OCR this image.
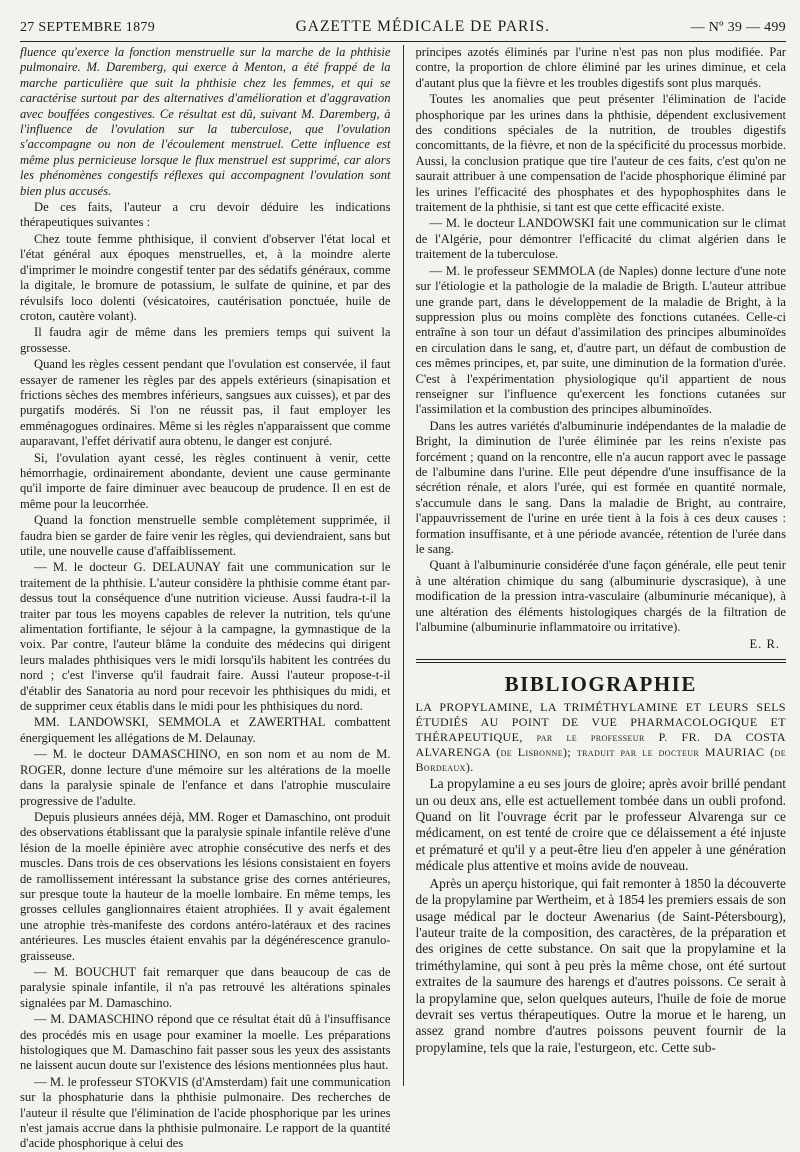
27 SEPTEMBRE 1879	GAZETTE MÉDICALE DE PARIS.	— Nº 39 — 499

fluence qu'exerce la fonction menstruelle sur la marche de la phthisie pulmonaire. M. Daremberg, qui exerce à Menton, a été frappé de la marche particulière que suit la phthisie chez les femmes, et qui se caractérise surtout par des alternatives d'amélioration et d'aggravation avec bouffées congestives. Ce résultat est dû, suivant M. Daremberg, à l'influence de l'ovulation sur la tuberculose, que l'ovulation s'accompagne ou non de l'écoulement menstruel. Cette influence est même plus pernicieuse lorsque le flux menstruel est supprimé, car alors les phénomènes congestifs réflexes qui accompagnent l'ovulation sont bien plus accusés.

De ces faits, l'auteur a cru devoir déduire les indications thérapeutiques suivantes :

Chez toute femme phthisique, il convient d'observer l'état local et l'état général aux époques menstruelles, et, à la moindre alerte d'imprimer le moindre congestif tenter par des sédatifs généraux, comme la digitale, le bromure de potassium, le sulfate de quinine, et par des révulsifs loco dolenti (vésicatoires, cautérisation ponctuée, huile de croton, cautère volant).

Il faudra agir de même dans les premiers temps qui suivent la grossesse.

Quand les règles cessent pendant que l'ovulation est conservée, il faut essayer de ramener les règles par des appels extérieurs (sinapisation et frictions sèches des membres inférieurs, sangsues aux cuisses), et par des purgatifs modérés. Si l'on ne réussit pas, il faut employer les emménagogues ordinaires. Même si les règles n'apparaissent que comme auparavant, l'effet dérivatif aura obtenu, le danger est conjuré.

Si, l'ovulation ayant cessé, les règles continuent à venir, cette hémorrhagie, ordinairement abondante, devient une cause germinante qu'il importe de faire diminuer avec beaucoup de prudence. Il en est de même pour la leucorrhée.

Quand la fonction menstruelle semble complètement supprimée, il faudra bien se garder de faire venir les règles, qui deviendraient, sans but utile, une nouvelle cause d'affaiblissement.

— M. le docteur G. DELAUNAY fait une communication sur le traitement de la phthisie. L'auteur considère la phthisie comme étant par-dessus tout la conséquence d'une nutrition vicieuse. Aussi faudra-t-il la traiter par tous les moyens capables de relever la nutrition, tels qu'une alimentation fortifiante, le séjour à la campagne, la gymnastique de la voix. Par contre, l'auteur blâme la conduite des médecins qui dirigent leurs malades phthisiques vers le midi lorsqu'ils habitent les contrées du nord ; c'est l'inverse qu'il faudrait faire. Aussi l'auteur propose-t-il d'établir des Sanatoria au nord pour recevoir les phthisiques du midi, et de supprimer ceux établis dans le midi pour les phthisiques du nord.

MM. LANDOWSKI, SEMMOLA et ZAWERTHAL combattent énergiquement les allégations de M. Delaunay.

— M. le docteur DAMASCHINO, en son nom et au nom de M. ROGER, donne lecture d'une mémoire sur les altérations de la moelle dans la paralysie spinale de l'enfance et dans l'atrophie musculaire progressive de l'adulte.

Depuis plusieurs années déjà, MM. Roger et Damaschino, ont produit des observations établissant que la paralysie spinale infantile relève d'une lésion de la moelle épinière avec atrophie consécutive des nerfs et des muscles. Dans trois de ces observations les lésions consistaient en foyers de ramollissement intéressant la substance grise des cornes antérieures, sur presque toute la hauteur de la moelle lombaire. En même temps, les grosses cellules ganglionnaires étaient atrophiées. Il y avait également une atrophie très-manifeste des cordons antéro-latéraux et des racines antérieures. Les muscles étaient envahis par la dégénérescence granulo-graisseuse.

— M. BOUCHUT fait remarquer que dans beaucoup de cas de paralysie spinale infantile, il n'a pas retrouvé les altérations spinales signalées par M. Damaschino.

— M. DAMASCHINO répond que ce résultat était dû à l'insuffisance des procédés mis en usage pour examiner la moelle. Les préparations histologiques que M. Damaschino fait passer sous les yeux des assistants ne laissent aucun doute sur l'existence des lésions mentionnées plus haut.

— M. le professeur STOKVIS (d'Amsterdam) fait une communication sur la phosphaturie dans la phthisie pulmonaire. Des recherches de l'auteur il résulte que l'élimination de l'acide phosphorique par les urines n'est jamais accrue dans la phthisie pulmonaire. Le rapport de la quantité d'acide phosphorique à celui des

principes azotés éliminés par l'urine n'est pas non plus modifiée. Par contre, la proportion de chlore éliminé par les urines diminue, et cela d'autant plus que la fièvre et les troubles digestifs sont plus marqués.

Toutes les anomalies que peut présenter l'élimination de l'acide phosphorique par les urines dans la phthisie, dépendent exclusivement des conditions spéciales de la nutrition, de troubles digestifs concomittants, de la fièvre, et non de la spécificité du processus morbide. Aussi, la conclusion pratique que tire l'auteur de ces faits, c'est qu'on ne saurait attribuer à une compensation de l'acide phosphorique éliminé par les urines l'efficacité des phosphates et des hypophosphites dans le traitement de la phthisie, si tant est que cette efficacité existe.

— M. le docteur LANDOWSKI fait une communication sur le climat de l'Algérie, pour démontrer l'efficacité du climat algérien dans le traitement de la tuberculose.

— M. le professeur SEMMOLA (de Naples) donne lecture d'une note sur l'étiologie et la pathologie de la maladie de Brigth. L'auteur attribue une grande part, dans le développement de la maladie de Bright, à la suppression plus ou moins complète des fonctions cutanées. Celle-ci entraîne à son tour un défaut d'assimilation des principes albuminoïdes en circulation dans le sang, et, d'autre part, un défaut de combustion de ces mêmes principes, et, par suite, une diminution de la formation d'urée. C'est à l'expérimentation physiologique qu'il appartient de nous renseigner sur l'influence qu'exercent les fonctions cutanées sur l'assimilation et la combustion des principes albuminoïdes.

Dans les autres variétés d'albuminurie indépendantes de la maladie de Bright, la diminution de l'urée éliminée par les reins n'existe pas forcément ; quand on la rencontre, elle n'a aucun rapport avec le passage de l'albumine dans l'urine. Elle peut dépendre d'une insuffisance de la sécrétion rénale, et alors l'urée, qui est formée en quantité normale, s'accumule dans le sang. Dans la maladie de Bright, au contraire, l'appauvrissement de l'urine en urée tient à la fois à ces deux causes : formation insuffisante, et à une période avancée, rétention de l'urée dans le sang.

Quant à l'albuminurie considérée d'une façon générale, elle peut tenir à une altération chimique du sang (albuminurie dyscrasique), à une modification de la pression intra-vasculaire (albuminurie mécanique), à une altération des éléments histologiques chargés de la filtration de l'albumine (albuminurie inflammatoire ou irritative).

E. R.
BIBLIOGRAPHIE

LA PROPYLAMINE, LA TRIMÉTHYLAMINE ET LEURS SELS ÉTUDIÉS AU POINT DE VUE PHARMACOLOGIQUE ET THÉRAPEUTIQUE, par le professeur P. FR. DA COSTA ALVARENGA (de Lisbonne); traduit par le docteur MAURIAC (de Bordeaux).

La propylamine a eu ses jours de gloire; après avoir brillé pendant un ou deux ans, elle est actuellement tombée dans un oubli profond. Quand on lit l'ouvrage écrit par le professeur Alvarenga sur ce médicament, on est tenté de croire que ce délaissement a été injuste et prématuré et qu'il y a peut-être lieu d'en appeler à une génération médicale plus attentive et moins avide de nouveau.

Après un aperçu historique, qui fait remonter à 1850 la découverte de la propylamine par Wertheim, et à 1854 les premiers essais de son usage médical par le docteur Awenarius (de Saint-Pétersbourg), l'auteur traite de la composition, des caractères, de la préparation et des origines de cette substance. On sait que la propylamine et la triméthylamine, qui sont à peu près la même chose, ont été surtout extraites de la saumure des harengs et d'autres poissons. Ce serait à la propylamine que, selon quelques auteurs, l'huile de foie de morue devrait ses vertus thérapeutiques. Outre la morue et le hareng, un assez grand nombre d'autres poissons peuvent fournir de la propylamine, tels que la raie, l'esturgeon, etc. Cette sub-
